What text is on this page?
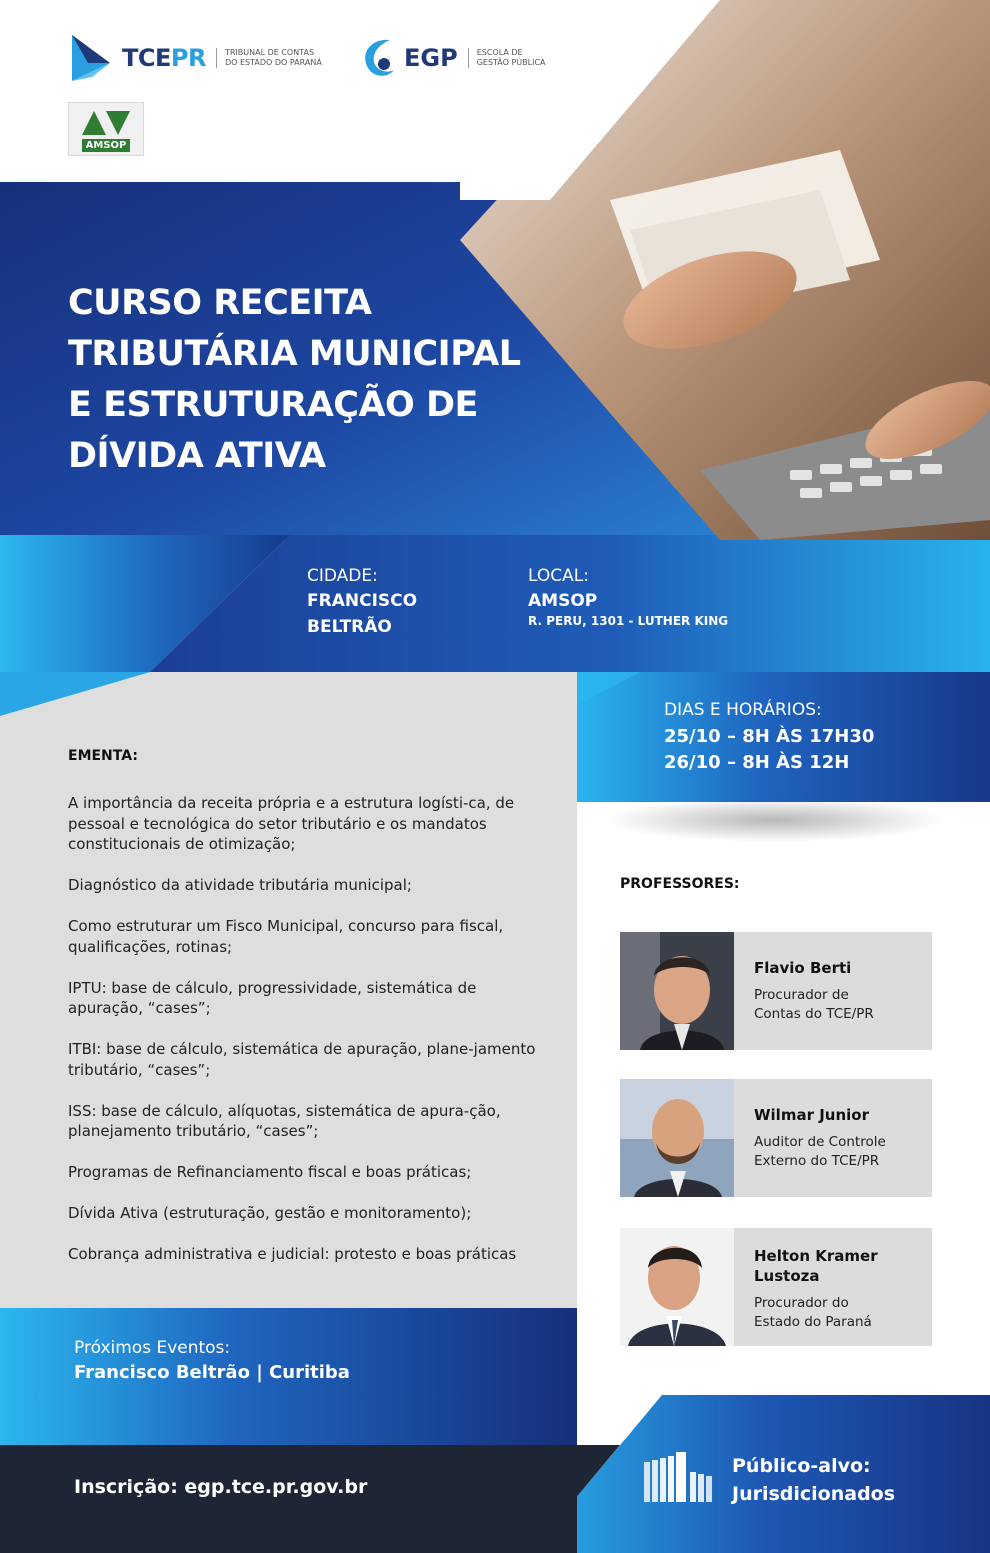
TCEPR TRIBUNAL DE CONTAS
DO ESTADO DO PARANÁ	EGP ESCOLA DE
GESTÃO PÚBLICA
AMSOP
CURSO RECEITA
TRIBUTÁRIA MUNICIPAL
E ESTRUTURAÇÃO DE
DÍVIDA ATIVA
CIDADE:
FRANCISCO
BELTRÃO
LOCAL:
AMSOP
R. PERU, 1301 - LUTHER KING
DIAS E HORÁRIOS:
25/10 – 8H ÀS 17H30
26/10 – 8H ÀS 12H
EMENTA:
A importância da receita própria e a estrutura logísti-ca, de pessoal e tecnológica do setor tributário e os mandatos constitucionais de otimização;
Diagnóstico da atividade tributária municipal;
Como estruturar um Fisco Municipal, concurso para fiscal, qualificações, rotinas;
IPTU: base de cálculo, progressividade, sistemática de apuração, “cases”;
ITBI: base de cálculo, sistemática de apuração, plane-jamento tributário, “cases”;
ISS: base de cálculo, alíquotas, sistemática de apura-ção, planejamento tributário, “cases”;
Programas de Refinanciamento fiscal e boas práticas;
Dívida Ativa (estruturação, gestão e monitoramento);
Cobrança administrativa e judicial: protesto e boas práticas
PROFESSORES:
Flavio Berti
Procurador de
Contas do TCE/PR
Wilmar Junior
Auditor de Controle
Externo do TCE/PR
Helton Kramer Lustoza
Procurador do
Estado do Paraná
Próximos Eventos:
Francisco Beltrão | Curitiba
Inscrição: egp.tce.pr.gov.br
Público-alvo:
Jurisdicionados
